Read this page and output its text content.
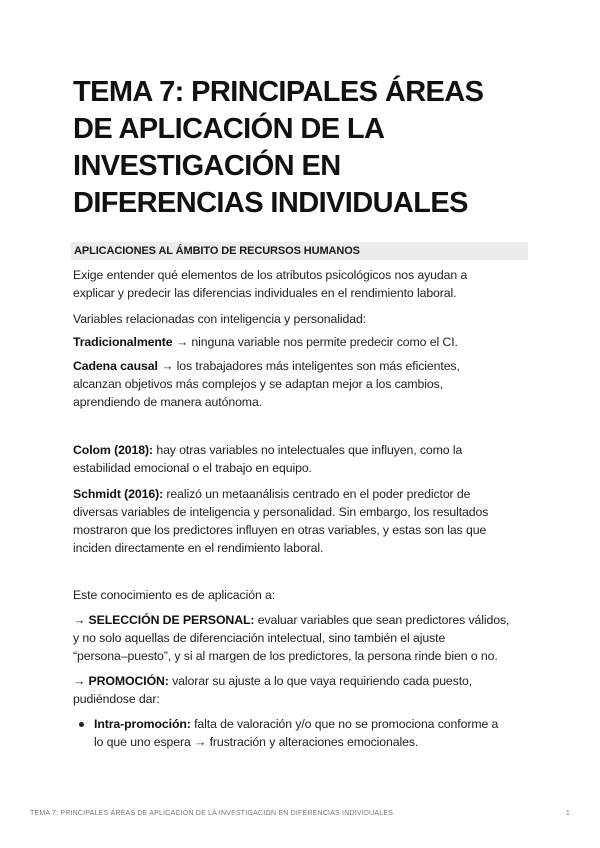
TEMA 7: PRINCIPALES ÁREAS
DE APLICACIÓN DE LA
INVESTIGACIÓN EN
DIFERENCIAS INDIVIDUALES
APLICACIONES AL ÁMBITO DE RECURSOS HUMANOS

Exige entender qué elementos de los atributos psicológicos nos ayudan a
explicar y predecir las diferencias individuales en el rendimiento laboral.

Variables relacionadas con inteligencia y personalidad:

Tradicionalmente → ninguna variable nos permite predecir como el CI.

Cadena causal → los trabajadores más inteligentes son más eficientes,
alcanzan objetivos más complejos y se adaptan mejor a los cambios,
aprendiendo de manera autónoma.

Colom (2018): hay otras variables no intelectuales que influyen, como la
estabilidad emocional o el trabajo en equipo.

Schmidt (2016): realizó un metaanálisis centrado en el poder predictor de
diversas variables de inteligencia y personalidad. Sin embargo, los resultados
mostraron que los predictores influyen en otras variables, y estas son las que
inciden directamente en el rendimiento laboral.

Este conocimiento es de aplicación a:

→ SELECCIÓN DE PERSONAL: evaluar variables que sean predictores válidos,
y no solo aquellas de diferenciación intelectual, sino también el ajuste
“persona–puesto”, y si al margen de los predictores, la persona rinde bien o no.

→ PROMOCIÓN: valorar su ajuste a lo que vaya requiriendo cada puesto,
pudiéndose dar:

Intra-promoción: falta de valoración y/o que no se promociona conforme a
lo que uno espera → frustración y alteraciones emocionales.

TEMA 7: PRINCIPALES ÁREAS DE APLICACIÓN DE LA INVESTIGACIÓN EN DIFERENCIAS INDIVIDUALES	1
